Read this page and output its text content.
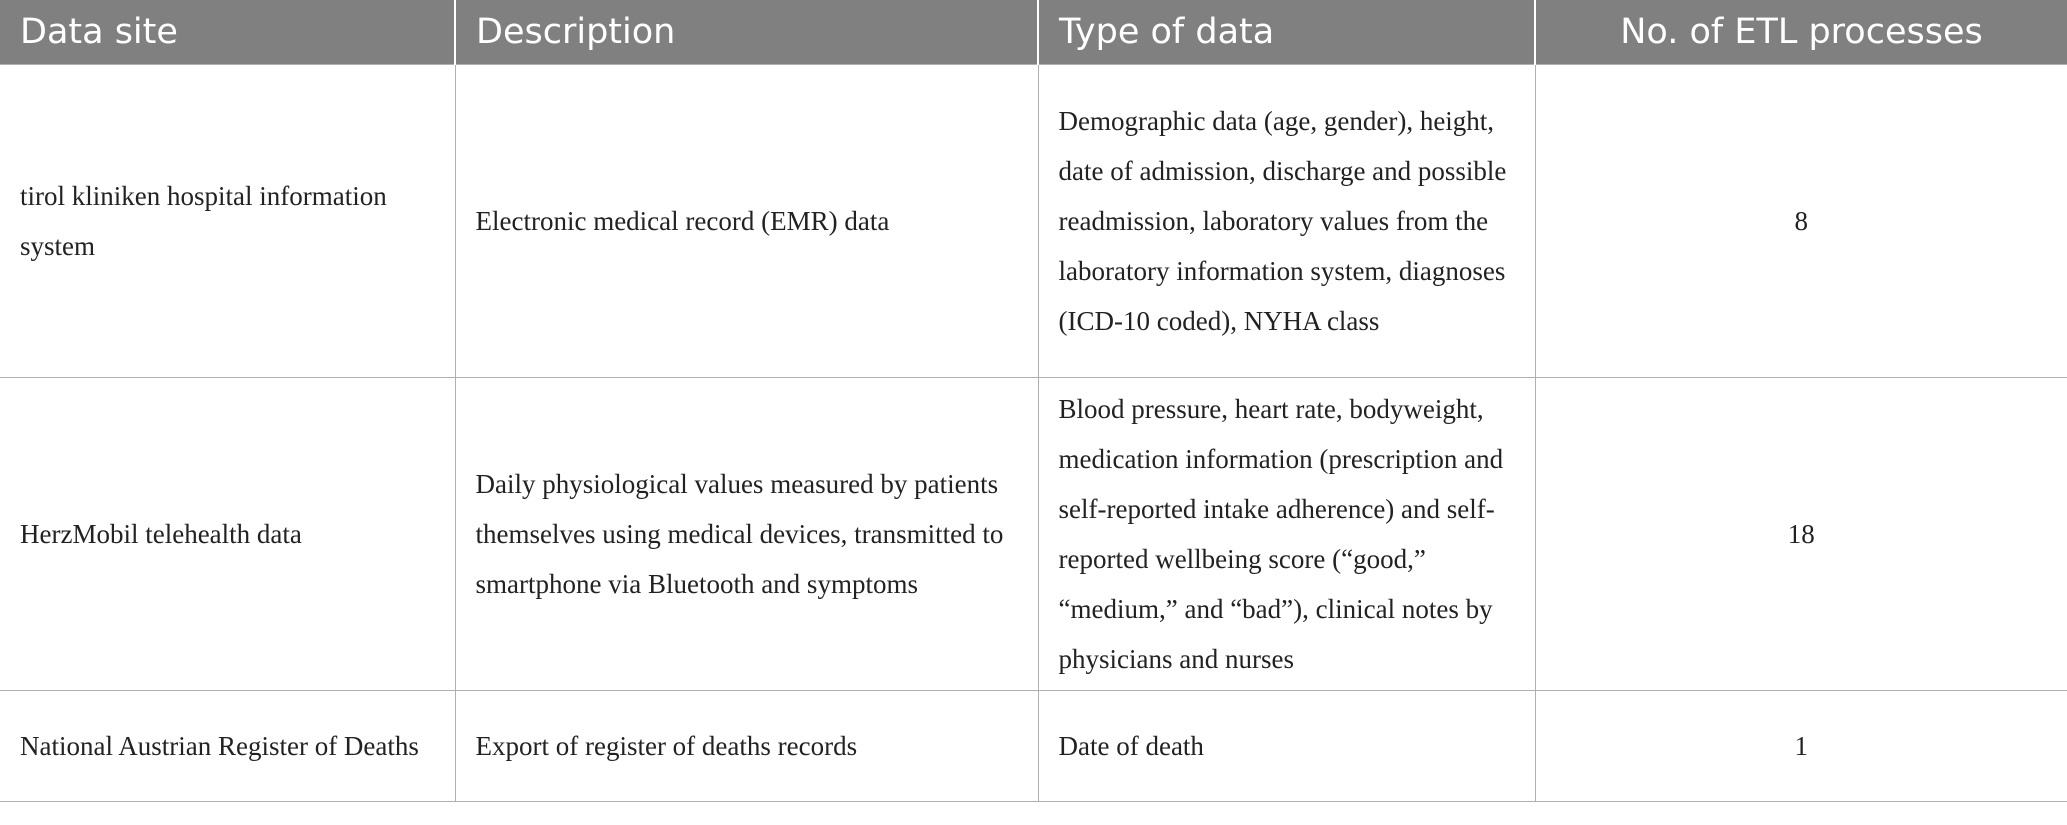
Data site	Description	Type of data	No. of ETL processes
tirol kliniken hospital information system	Electronic medical record (EMR) data	Demographic data (age, gender), height, date of admission, discharge and possible readmission, laboratory values from the laboratory information system, diagnoses (ICD-10 coded), NYHA class	8
HerzMobil telehealth data	Daily physiological values measured by patients themselves using medical devices, transmitted to smartphone via Bluetooth and symptoms	Blood pressure, heart rate, bodyweight, medication information (prescription and self-reported intake adherence) and self-reported wellbeing score (“good,” “medium,” and “bad”), clinical notes by physicians and nurses	18
National Austrian Register of Deaths	Export of register of deaths records	Date of death	1
